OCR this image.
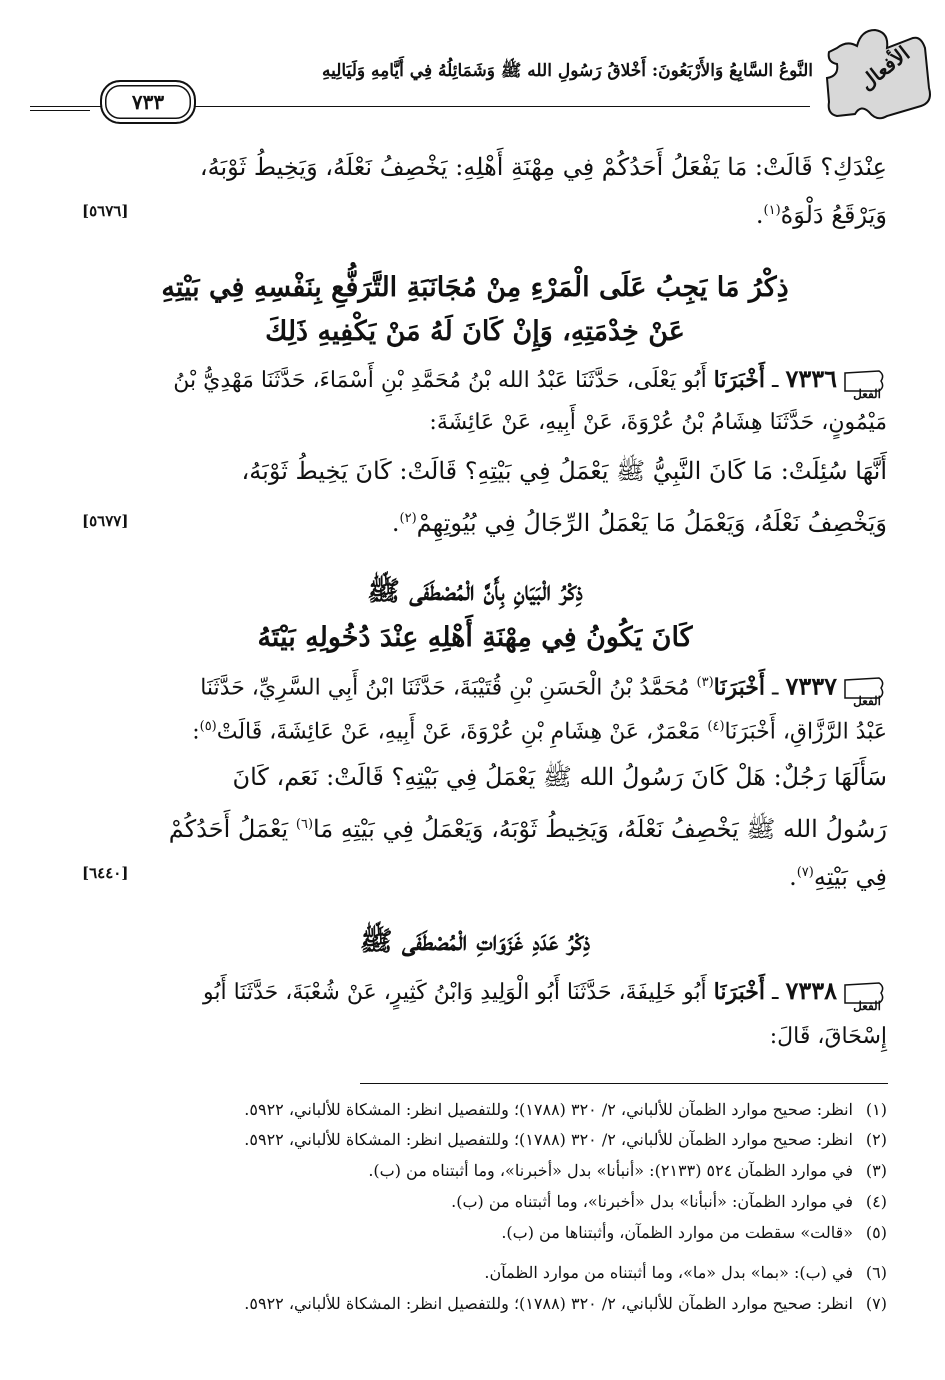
الأفعال
النَّوعُ السَّابِعُ وَالأَرْبَعُونَ: أَخْلاقُ رَسُولِ الله ﷺ وَشَمَائِلُهُ فِي أَيَّامِهِ وَلَيَالِيهِ
٧٣٣
عِنْدَكِ؟ قَالَتْ: مَا يَفْعَلُ أَحَدُكُمْ فِي مِهْنَةِ أَهْلِهِ: يَخْصِفُ نَعْلَهُ، وَيَخِيطُ ثَوْبَهُ،
وَيَرْقَعُ دَلْوَهُ$^{(١)}$.
[٥٦٧٦]
ذِكْرُ مَا يَجِبُ عَلَى الْمَرْءِ مِنْ مُجَانَبَةِ التَّرَفُّعِ بِنَفْسِهِ فِي بَيْتِهِ
عَنْ خِدْمَتِهِ، وَإِنْ كَانَ لَهُ مَنْ يَكْفِيهِ ذَلِكَ
الفعل
٧٣٣٦ ـ أَخْبَرَنَا أَبُو يَعْلَى، حَدَّثَنَا عَبْدُ الله بْنُ مُحَمَّدِ بْنِ أَسْمَاءَ، حَدَّثَنَا مَهْدِيُّ بْنُ
مَيْمُونٍ، حَدَّثَنَا هِشَامُ بْنُ عُرْوَةَ، عَنْ أَبِيهِ، عَنْ عَائِشَةَ:
أَنَّهَا سُئِلَتْ: مَا كَانَ النَّبِيُّ ﷺ يَعْمَلُ فِي بَيْتِهِ؟ قَالَتْ: كَانَ يَخِيطُ ثَوْبَهُ،
وَيَخْصِفُ نَعْلَهُ، وَيَعْمَلُ مَا يَعْمَلُ الرِّجَالُ فِي بُيُوتِهِمْ$^{(٢)}$.
[٥٦٧٧]
ذِكْرُ الْبَيَانِ بِأَنَّ الْمُصْطَفَى ﷺ
كَانَ يَكُونُ فِي مِهْنَةِ أَهْلِهِ عِنْدَ دُخُولِهِ بَيْتَهُ
الفعل
٧٣٣٧ ـ أَخْبَرَنَا$^{(٣)}$ مُحَمَّدُ بْنُ الْحَسَنِ بْنِ قُتَيْبَةَ، حَدَّثَنَا ابْنُ أَبِي السَّرِيِّ، حَدَّثَنَا
عَبْدُ الرَّزَّاقِ، أَخْبَرَنَا$^{(٤)}$ مَعْمَرٌ، عَنْ هِشَامِ بْنِ عُرْوَةَ، عَنْ أَبِيهِ، عَنْ عَائِشَةَ، قَالَتْ$^{(٥)}$:
سَأَلَهَا رَجُلٌ: هَلْ كَانَ رَسُولُ الله ﷺ يَعْمَلُ فِي بَيْتِهِ؟ قَالَتْ: نَعَم، كَانَ
رَسُولُ الله ﷺ يَخْصِفُ نَعْلَهُ، وَيَخِيطُ ثَوْبَهُ، وَيَعْمَلُ فِي بَيْتِهِ مَا$^{(٦)}$ يَعْمَلُ أَحَدُكُمْ
فِي بَيْتِهِ$^{(٧)}$.
[٦٤٤٠]
ذِكْرُ عَدَدِ غَزَوَاتِ الْمُصْطَفَى ﷺ
الفعل
٧٣٣٨ ـ أَخْبَرَنَا أَبُو خَلِيفَةَ، حَدَّثَنَا أَبُو الْوَلِيدِ وَابْنُ كَثِيرٍ، عَنْ شُعْبَةَ، حَدَّثَنَا أَبُو
إِسْحَاقَ، قَالَ:
(١)انظر: صحيح موارد الظمآن للألباني، ٢/ ٣٢٠ (١٧٨٨)؛ وللتفصيل انظر: المشكاة للألباني، ٥٩٢٢.
(٢)انظر: صحيح موارد الظمآن للألباني، ٢/ ٣٢٠ (١٧٨٨)؛ وللتفصيل انظر: المشكاة للألباني، ٥٩٢٢.
(٣)في موارد الظمآن ٥٢٤ (٢١٣٣): «أنبأنا» بدل «أخبرنا»، وما أثبتناه من (ب).
(٤)في موارد الظمآن: «أنبأنا» بدل «أخبرنا»، وما أثبتناه من (ب).
(٥)«قالت» سقطت من موارد الظمآن، وأثبتناها من (ب).
(٦)في (ب): «بما» بدل «ما»، وما أثبتناه من موارد الظمآن.
(٧)انظر: صحيح موارد الظمآن للألباني، ٢/ ٣٢٠ (١٧٨٨)؛ وللتفصيل انظر: المشكاة للألباني، ٥٩٢٢.
